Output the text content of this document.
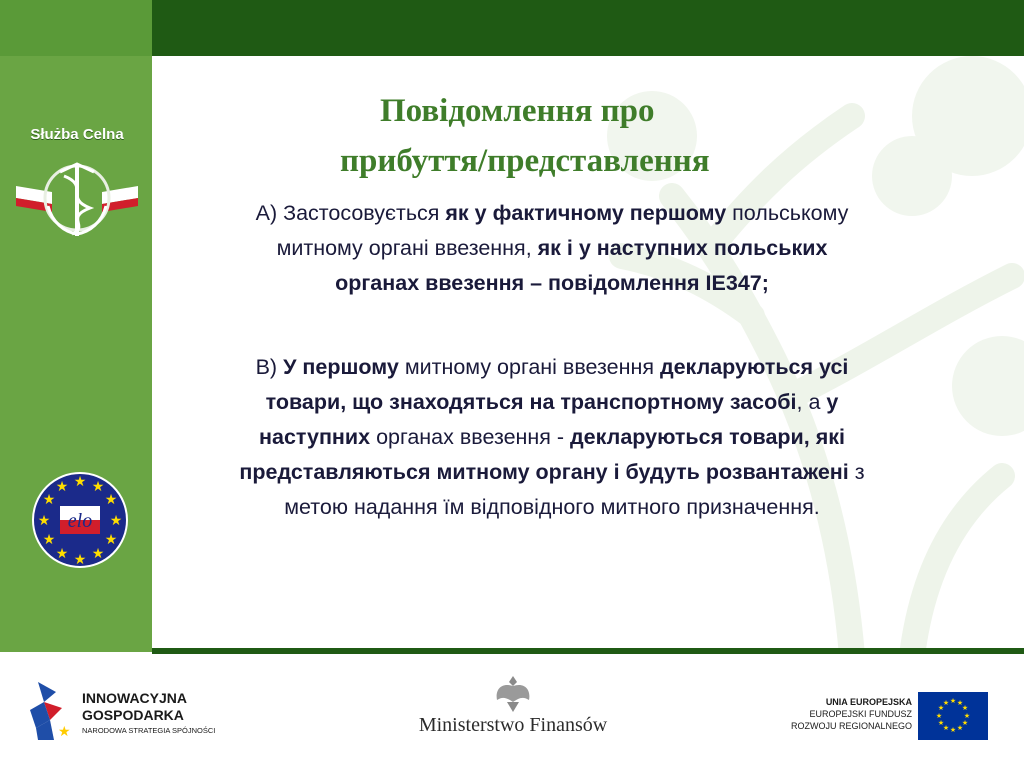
Służba Celna
★ ★
★
★
★
★
★
★
★
★
★
★
elo
Повідомлення про
прибуття/представлення
A) Застосовується як у фактичному першому польському митному органі ввезення, як і у наступних польських органах ввезення – повідомлення IE347;
B) У першому митному органі ввезення декларуються усі товари, що знаходяться на транспортному засобі, а у наступних органах ввезення - декларуються товари, які представляються митному органу і будуть розвантажені з метою надання їм відповідного митного призначення.
★
INNOWACYJNA
GOSPODARKA
NARODOWA STRATEGIA SPÓJNOŚCI	Ministerstwo Finansów
UNIA EUROPEJSKA
EUROPEJSKI FUNDUSZ
ROZWOJU REGIONALNEGO
★ ★
★
★
★
★
★
★
★
★
★
★
